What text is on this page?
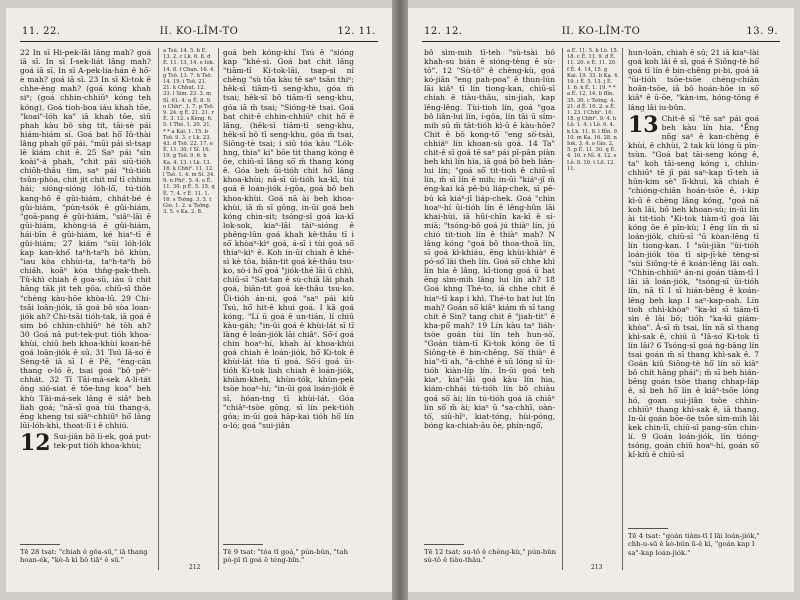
11. 22.	II. KO-LÎM-TO	12. 11.
22 In sī Hi-pek-lāi lâng mah? goá iā sī. In sī I-sek-liát lâng mah? goá iā sī. In sī A-pek-lia-hán ê hō͘-è mah? goá iā sī. 23 In sī Ki-tok ê chhe-èng mah? (goá kóng khah siⁿ; (goá chhin-chhiūⁿ kóng teh kóng). Goá tioh-boa iáu khah tōe, "koai"-lóh ka" iā khah tōe, siū phah kàu bô sǹg tit, tāi-sè pái hiám-hiám sí. Goá bat hō͘ Iû-thài lâng phah gō͘ pái, "mūi pái sì-tsap lē kiám chit ê. 25 Saⁿ pái "sìn koài"-á phah, "chit pái siū-tióh chiōh-thâu tìm, saⁿ pái "tú-tióh tsûn-phòa, chit jit chit mî tī chhim hái; sióng-sióng lóh-lō͘, tú-tióh kang-hô ê gûi-hiám, chhát-bé ê gûi-hiám, "pún-tsók ê gûi-hiám, "goā-pang ê gûi-hiám, "siâⁿ-lāi ê gûi-hiám, khòng-iá ê gûi-hiám, hái-bīn ê gûi-hiám, ké hiaⁿ-tī ê gûi-hiám; 27 kiám "sūi lóh-lók kap kan-khó͘ taⁿh-taⁿh bô khùn, "iau kòa chhùi-ta, taⁿh-taⁿh bô chiáh, koâⁿ kòa thǹg-pak-theh. Tû-khì chiah ê goa-sū, iáu ū chit hāng tāk jit teh gōa, chiū-sī thōe "chèng kàu-hōe khòa-lū. 29 Chi-tsāi loân-jiók, iā goá bô sòa loan-jiók ah? Chi-tsāi tióh-tak, iā goá ê sim bô chhin-chhiūⁿ hé tōh ah? 30 Goá nā put-tek-put tióh khoa-khùi, chiū beh khoa-khùi koan-hē goá loân-jiók ê sū. 31 Tsú Iâ-so͘ ê Sèng-tē iā sī I ê Pē, "èng-cān thang o-ló ê, tsai goá "bô pêⁿ-chhát. 32 Tī Tāi-má-sek A-li-tát ông sió-siat ê tōe-hng koa" beh khù Tāi-má-sek lâng ê siâⁿ beh liah goá; "nā-sī goá tùi thang-á, ēng kheng tsi siâⁿ-chhiūⁿ hō͘ lâng lūi-lóh-khì, thoat-lī i ê chhiú.
12 Sui-jiân bô li-ek, goá put-tek-put tióh khoa-khùi;
a Tsû. 14. 5. b Ê. 13. 2. c Lk. 6. 8. d Ê. 11. 13, 14. e Iok. 14. 8. f Chan. 16. 4. g Tsō. 13. 7. h Tsō. 14. 19. i Tsō. 21. 21. k Chhut. 12. 33. l Sim. 23. 3. m Sî. 61. 4. n Ê. 8. 9. o Chhiⁿ. 1. 7. p Tsō. 9. 24. q Ê. 21. 21. r Ê. 3. 12. s Kèng. 6. 5. t Thé. 1. 20. 21. * * a Kai. 1. 15. b Tsō. 9. 3. c Lk. 23. 43. d Tsō. 22. 17. e Ê. 11. 30. f Sî. 16. 19. g Tsō. 9. 6. h Ka. 4. 13. i Lk. 13. 16. k Chhiⁿ. 11. 12. l Tsô. 1. 4. m Sî. 34. 9. n Phiⁿ. 5. 4. o Ê. 11. 30. p Ê. 5. 15. q Ê. 7. 4. r Ê. 11. 1. 16. s Tsōng. 3. 5. t Gio. 1. 2. u Tsōng. 3. 5. v Ka. 2. 8.
goá beh kóng-khí Tsú ê "sióng kap "khé-sì. Goá bat chit lâng "tiām-tī Ki-tok-lāi, tsap-sì nî chêng "sù tōa kàu tē saⁿ tsân thiⁿ; hêk-sī tiām-tī seng-khu, góa m̄ tsai; hêk-sī bô tiām-tī seng-khu, góa iā m̄ tsai; "Sióng-tè tsai. Goá bat chit-ê chhin-chhiūⁿ chit hō͘ ê lâng, (hêk-sī tiām-tī seng-khu, hêk-sī bô tī seng-khu, góa m̄ tsai, Siōng-tè tsai; i siū tóa kàu "Lók-hng, thia" ki" bōe tit thang kóng ê ōe, chiū-sī lâng sō͘ m̄ thang kóng ê. Góa beh ūi-tióh chit hō͘ lâng khoa-khùi; nā-sī ūi-tióh ka-kī, tùi goá ê loán-jiók í-gōa, goá bô beh khoa-khùi. Goá nā ài beh khoa-khùi, iā m̄ sī gōng, in-ūi goá beh kóng chin-sit; tsóng-sī goá ka-kī lok-sok, kiaⁿ-lâi tāiⁿ-sióng ê phêng-lūn goá khah kè-thâu tī i sō͘ khòaⁿ-kìⁿ goá, á-sī i tùi goá sō͘ thiaⁿ-kìⁿ ê. Koh in-ūi chiah ê khé-sì kè tōa, biân-tit goá kè-thâu tsu-ko, sò-i hō͘ goá "jiók-thé lāi ū chhì, chiū-sī "Sat-tan ê sù-chiā lâi phah goá, biân-tit goá kè-thâu tsu-ko. Ūi-tióh án-ni, goá "saⁿ pái kiû Tsú, hō͘ hit-ê khui goá. I kā goá kóng, "Lí ū goá ê un-tián, lí chiū kàu-gáh; "in-ūi goá ê khùi-lát sī tī làng ê loán-jiók lāi chiâⁿ. Sō͘-í goá chin hoaⁿ-hí, khah ài khoa-khùi goá chiah ê loán-jiók, hō͘ Ki-tok ê khùi-lát tòa tī goá. Sō͘-í goá ūi-tióh Ki-tok liah chiah ê loán-jiók, khiàm-kheh, khùn-tók, khùn-pek tsòe hoaⁿ-hí; "in-ūi goá loán-jiók ê sî, hóan-tng tī khùi-lát. Góa "chiâⁿ-tsòe gōng, sī lín pek-tióh góa; in-ūi goá hāp-kai tióh hō͘ lín o-ló; goá "sui-jiân
Tē 28 tsat: "chiah ê gōa-sū," iā thang hoan-ék, "kè-ā kì bô tiāⁿ ê sū."
Tē 9 tsat: "tóa tī goá," pún-bûn, "tah pó-pī tī goá ê téng-bîn."
212
12. 12.	II. KO-LÎM-TO	13. 9.
bô sìm-mih tī-teh "sù-tsài bô khah-su bián ê sióng-tèng ê sù-tô". 12 "Sù-tô" ê chèng-kù, goá kó-jiân "eng pah-poa" ê thun-lún lāi kiâⁿ tī lín tiong-kan, chiū-sī chiah ê tiàu-thâu, sìn-jiah, kap lêng-lêng. Tùi-tioh lín, goá "goa bô liân-lui lín, í-gōa, lín tāi ū sím-mih sū m̄ tāt-tióh kì-ū ê kàu-hōe? Chit ê bô kong-tō͘ "eng sò͘-tsài, chhiáⁿ lín khoan-sù goá. 14 Ta" chit-ê sī goá tē saⁿ pái pī-pān piàn beh khì lín hia, iā goá bô beh liân-lui lín; "goá sō͘ tit-tioh ê chiū-sī lín, m̄ sī lín ê mih; in-ūi "kiáⁿ-jî m̄ èng-kai kā pē-bú liáp-chek, sī pē-bú kā kiáⁿ-jî liáp-chek. Goá "chin hoaⁿ-hí ūi-tióh lín ê lêng-hûn lāi khai-hùi, iā hūi-chīn ka-kī ê sí-miā; "tsóng-bô goá jú thiàⁿ lín, jú chió tit-tioh lín ê thiàⁿ mah? N lâng kóng "goá bô thoa-thoā lín, sī goá kì-khiáu, ēng khùi-khiàⁿ ê pó-só͘ lài theh lín. Goá sō͘ chhe khì lín hia ê lâng, kī-tiong goá ū bat ēng sìm-mih lâng lui lín ah? 18 Goá khng Thé-to, iā chhe chit ê hiaⁿ-tī kap i khì. Thé-to bat lut lín mah? Goán sō͘ kiâⁿ kiám m̄ sī tang chit ê Sin? tang chit ê "jiah-tit" ê kha-pō͘ mah? 19 Lín kàu taⁿ liáh-tsòe goán tùi lín teh hun-sò͘. "Goán tiàm-tī Ki-tok kóng ōe tī Siōng-tè ê bin-chêng. Sò͘ thiàⁿ ê hia"-tī ah, "á-chhé ê sū lóng sī ūi-tióh kiàn-líp lín. In-ūi goá teh kiaⁿ, kia"-lāi goá kàu lín hia, kiám-chhái tú-tióh lín bô chiàu goá sō͘ ài; lín tú-tióh goá iā chiâⁿ lín sō͘ m̄ ài; kiaⁿ ū "sa-chhī, oàn-tò͘, siû-hīⁿ, kiat-tóng, hùi-póng, bóng ka-chiah-āu ōe, phín-ngō͘,
a Ê. 11. 5. b Lô. 15. 18. c Ê. 11. 9. d Ê. 11. 20. e Ê. 11. 20. f Ê. 4. 14, 15. g Kai. 19. 33. h Ka. 4. 19. i Ê. 5. 13. j Ê. 1. 6. k Ê. 1. 19. * * a Ê. 12. 14. b Bîn. 35. 30. c Tsōng. 4. 21. d Ê. 10. 2. e Ê. 1. 23. f Chhiⁿ. 10. 18. g Chhiⁿ. 9. 4. h Lô. 1. 4. i Lô. 6. 4. k Lk. 11. 8. l Bîn. 9. 10. m Ka. 16. 28. n Iok. 3. 4. o Gio. 2. 5. p Ê. 11. 30. q Ê. 4. 10. r Nî. 4. 12. s Lô. 8. 10. t Lō. 12. 11.
hun-loān, chiah ê sū; 21 iā kiaⁿ-lài goá koh lâi ê sî, goá ê Siōng-tè hō͘ goá tī lín ê bin-chêng pi-bi, goá iā "ūi-tióh tsōe-tsōe chéng-chiān hoān-tsōe, iā bô hoán-hōe in sō͘ kiâⁿ ê ū-ōe, "kàn-im, hóng-tōng ê lâng lāi iu-bûn.
13 Chit-ê sī "tē saⁿ pái goá beh kàu lín hia. "Ēng nñg saⁿ ê kan-chèng ê khùi, ê chhùi, 2 tak kù lóng ū pîn-tsùn. "Goá bat tāi-seng kóng ê, ta" koh tāi-seng kóng i, chhin-chhiūⁿ tē jī pái saⁿ-kap tī-teh iā hūn-kim sè" lī-khui, kā chiah ê "chióng-chiân hoán-tsōe ê, i-kip kì-ū ê chèng lâng kóng, "goá nā koh lâi, bô beh khoan-sù; in-ūi lín ài tit-tioh "Ki-tok tiàm-tī goá lāi kóng ōe ê pîn-kù; I ēng lín m̄ sī loán-jiók, chiū-sī "ū kòan-lêng tī lín tiong-kan. I "sūi-jiân "ūi-tióh loán-jiók tòa tī sip-jī-kè tèng-sí "sùi Siōng-tè ê koán-lêng lâi oah. "Chhin-chhiūⁿ án-ni goán tiàm-tī I lāi iā loán-jiók, "tsóng-sī ūi-tióh lín, nā tī I sī hián-bêng ê koán-lêng beh kap I saⁿ-kap-oah. Lín tioh chhì-khòaⁿ "ka-ki sī tiām-tī sìn ê lāi bô; tióh "ka-kì giám-khòa". Á-sī m̄ tsai, lín nā sī thang khì-sak ê, chiū ū "Iâ-so͘ Ki-tok tī lín lāi? 6 Tsóng-sī goá ǹg-bāng lín tsai goán m̄ sī thang khì-sak ê. 7 Goán kiû Siōng-tè hō͘ lín sò͘ kiâⁿ bô chit hāng phái"; m̄ sī beh hián-bêng goán tsòe thang chhap-láp ê, sī beh hō͘ lín ê kiâⁿ-tsōe lóng hó, goan sui-jiân tsòe chhin-chhiūⁿ thang khì-sak ê, iā thang. In-ūi goán bōe-ōe tsōe sìm-mih lâi kek chin-lī, chiū-sī pang-sūn chin-lí. 9 Goán loán-jiók, lín tióng-tsóng, goán chiū hoaⁿ-hí, goán sō͘ kî-kiû ê chiū-sī
Tē 12 tsat: su-tô ê chèng-kù," pún-bûn sù-tô ê tiàu-thâu."
Tē 4 tsat: "goán tiàm-tī I lāi loán-jiók," chh-u-sū ê kò-bûn ū-ê kì, "goán kap I sa"-kap loán-jiók."
213
